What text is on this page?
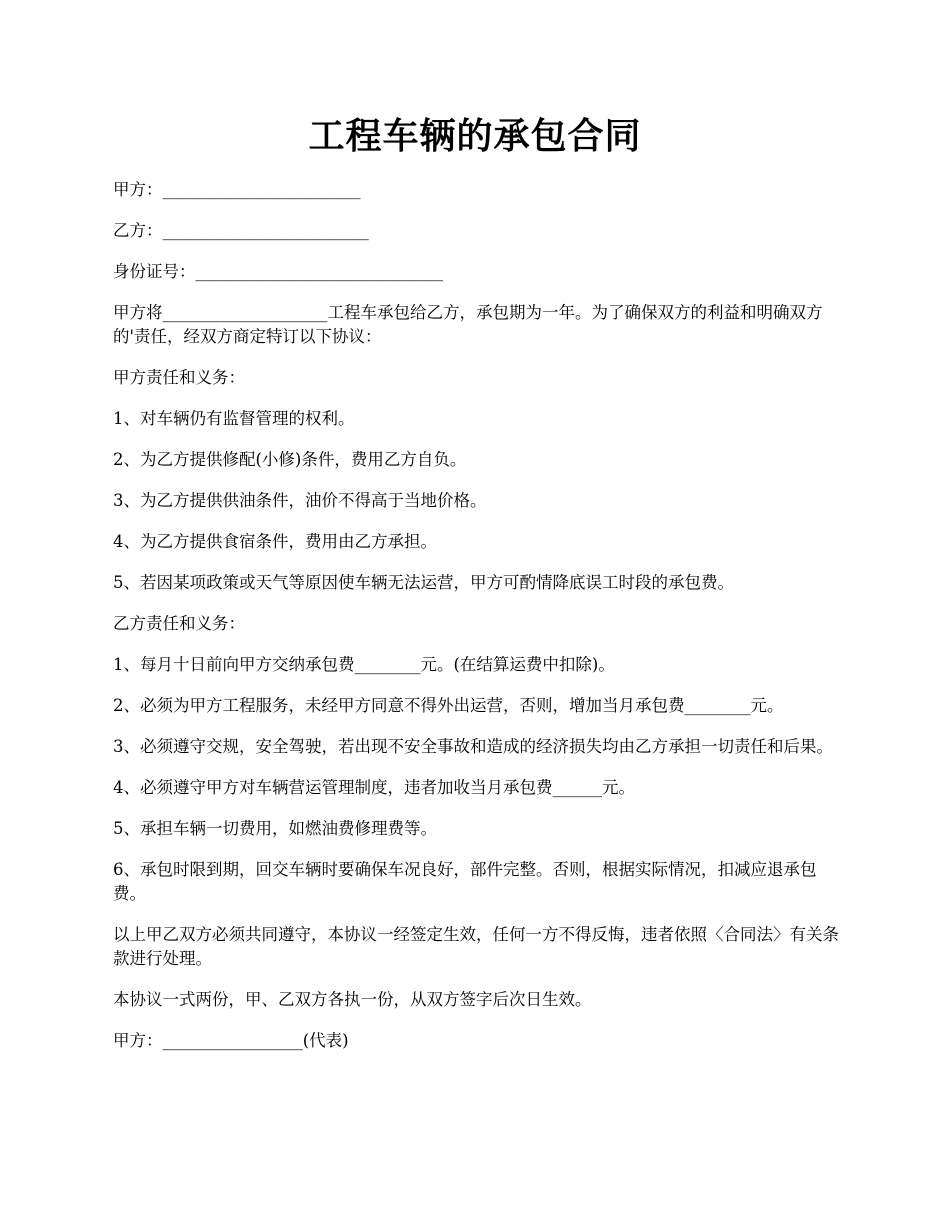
工程车辆的承包合同

甲方：________________________

乙方：_________________________

身份证号：______________________________

甲方将____________________工程车承包给乙方，承包期为一年。为了确保双方的利益和明确双方的'责任，经双方商定特订以下协议：

甲方责任和义务：

1、对车辆仍有监督管理的权利。

2、为乙方提供修配(小修)条件，费用乙方自负。

3、为乙方提供供油条件，油价不得高于当地价格。

4、为乙方提供食宿条件，费用由乙方承担。

5、若因某项政策或天气等原因使车辆无法运营，甲方可酌情降底误工时段的承包费。

乙方责任和义务：

1、每月十日前向甲方交纳承包费________元。(在结算运费中扣除)。

2、必须为甲方工程服务，未经甲方同意不得外出运营，否则，增加当月承包费________元。

3、必须遵守交规，安全驾驶，若出现不安全事故和造成的经济损失均由乙方承担一切责任和后果。

4、必须遵守甲方对车辆营运管理制度，违者加收当月承包费______元。

5、承担车辆一切费用，如燃油费修理费等。

6、承包时限到期，回交车辆时要确保车况良好，部件完整。否则，根据实际情况，扣减应退承包费。

以上甲乙双方必须共同遵守，本协议一经签定生效，任何一方不得反悔，违者依照〈合同法〉有关条款进行处理。

本协议一式两份，甲、乙双方各执一份，从双方签字后次日生效。

甲方：_________________(代表)
